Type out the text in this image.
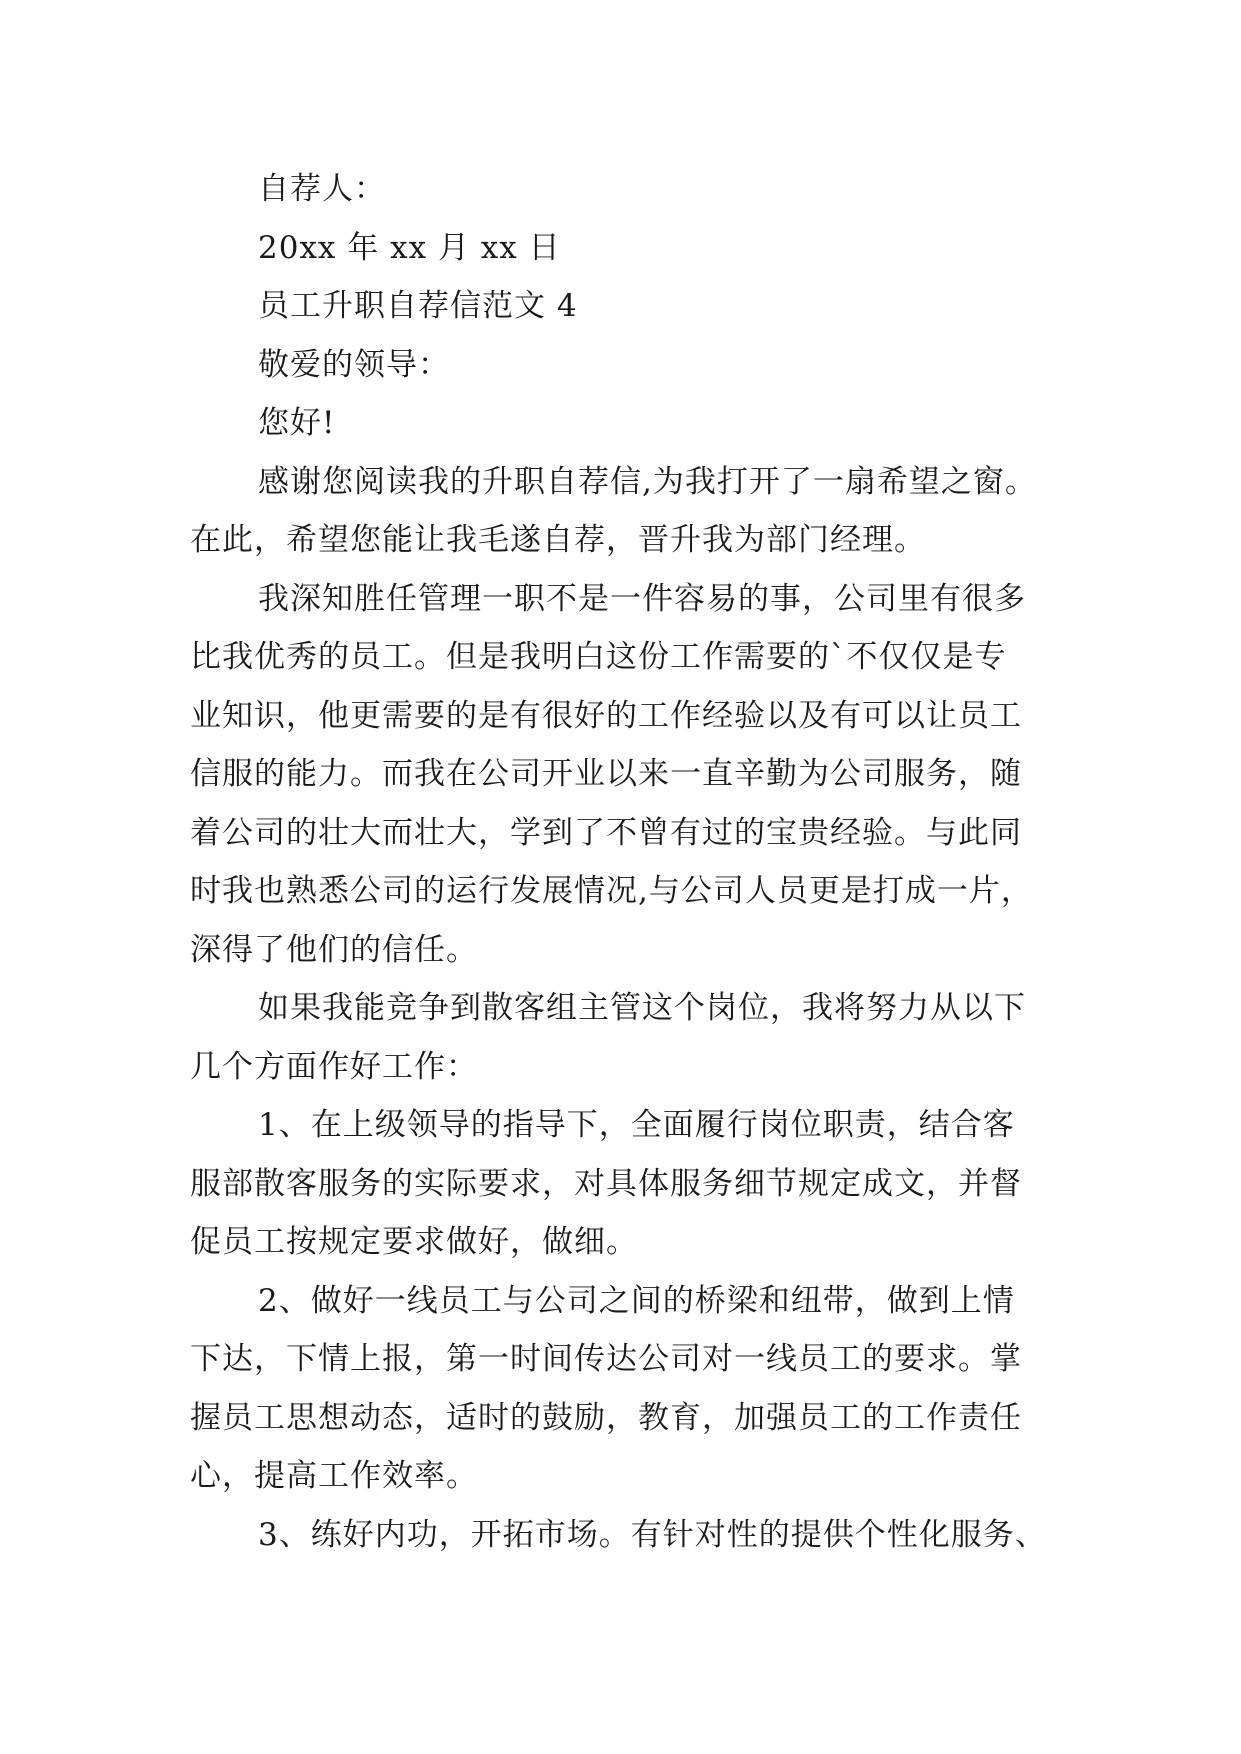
自荐人：
20xx 年 xx 月 xx 日
员工升职自荐信范文 4
敬爱的领导：
您好!
感谢您阅读我的升职自荐信,为我打开了一扇希望之窗。
在此，希望您能让我毛遂自荐，晋升我为部门经理。
我深知胜任管理一职不是一件容易的事，公司里有很多
比我优秀的员工。但是我明白这份工作需要的`不仅仅是专
业知识，他更需要的是有很好的工作经验以及有可以让员工
信服的能力。而我在公司开业以来一直辛勤为公司服务，随
着公司的壮大而壮大，学到了不曾有过的宝贵经验。与此同
时我也熟悉公司的运行发展情况,与公司人员更是打成一片，
深得了他们的信任。
如果我能竞争到散客组主管这个岗位，我将努力从以下
几个方面作好工作：
1、在上级领导的指导下，全面履行岗位职责，结合客
服部散客服务的实际要求，对具体服务细节规定成文，并督
促员工按规定要求做好，做细。
2、做好一线员工与公司之间的桥梁和纽带，做到上情
下达，下情上报，第一时间传达公司对一线员工的要求。掌
握员工思想动态，适时的鼓励，教育，加强员工的工作责任
心，提高工作效率。
3、练好内功，开拓市场。有针对性的提供个性化服务、
